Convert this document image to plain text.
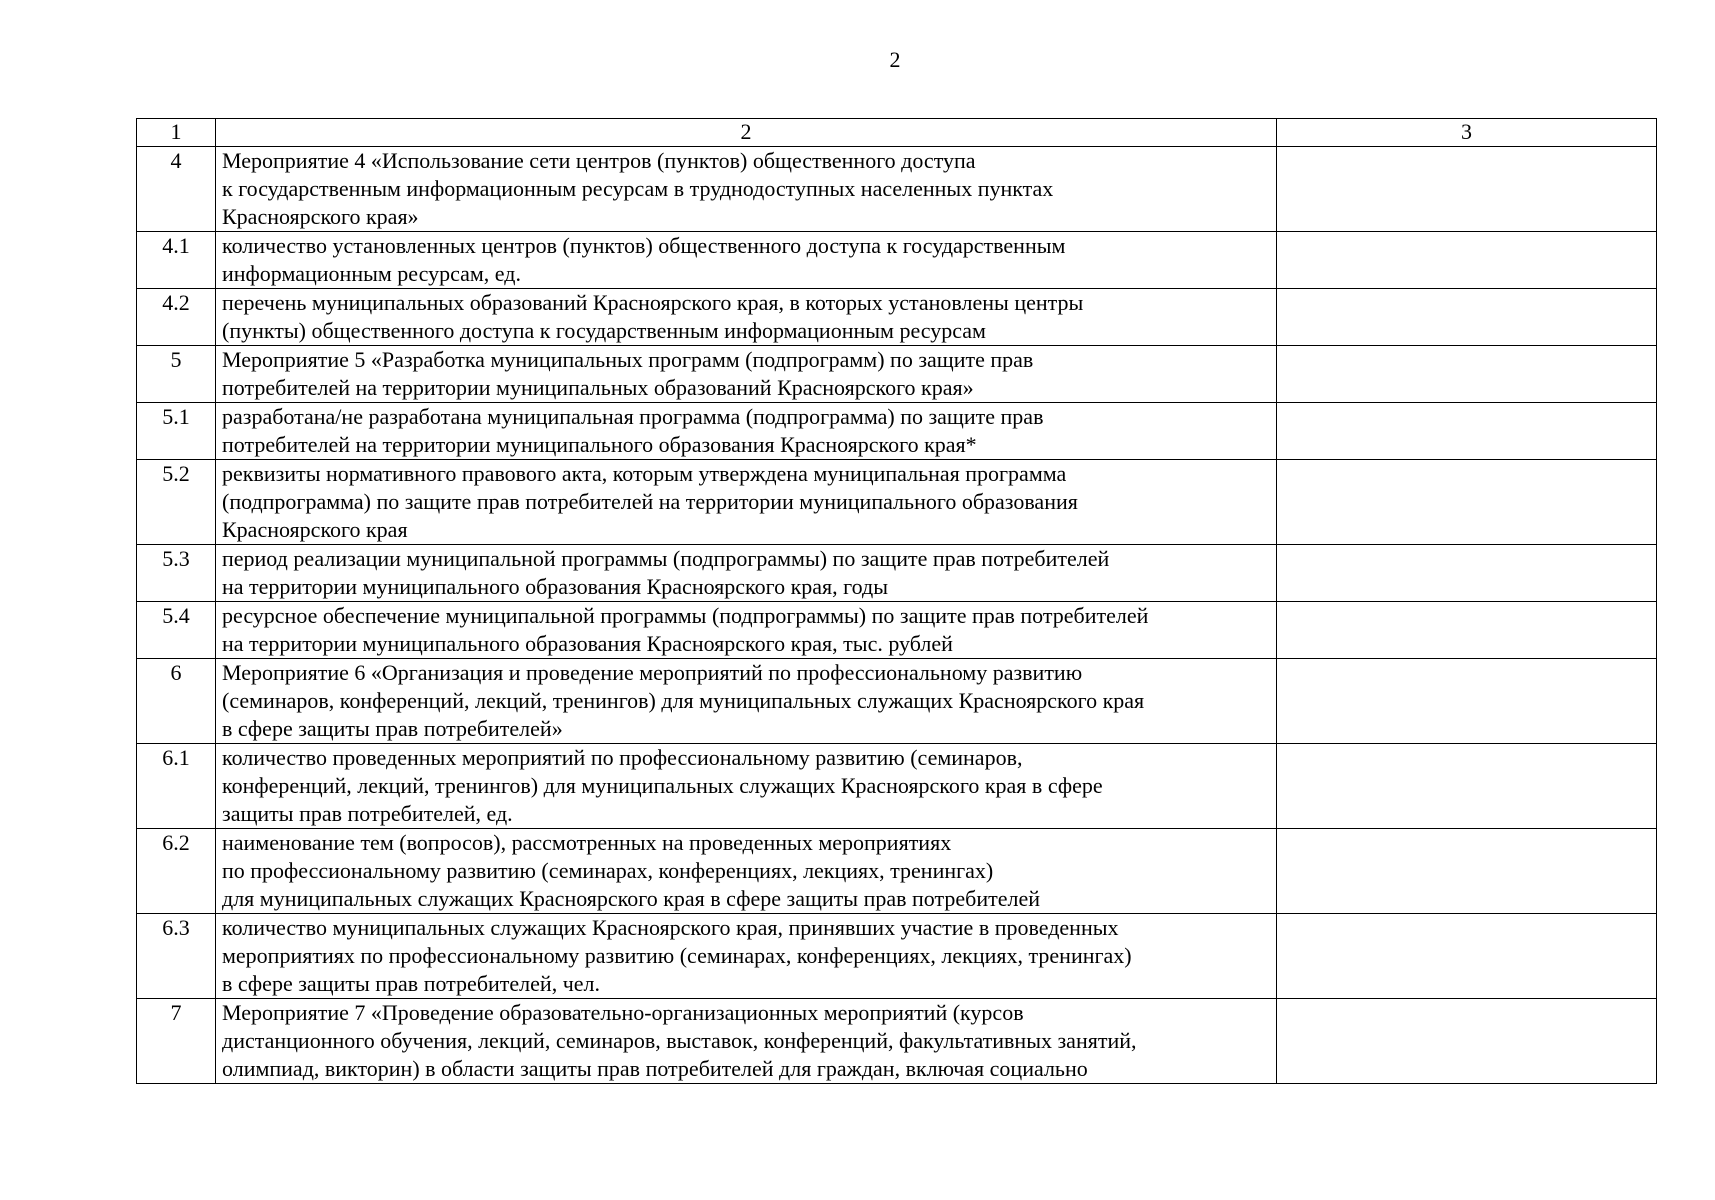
2
1	2	3
4	Мероприятие 4 «Использование сети центров (пунктов) общественного доступа
к государственным информационным ресурсам в труднодоступных населенных пунктах
Красноярского края»	

4.1	количество установленных центров (пунктов) общественного доступа к государственным
информационным ресурсам, ед.	

4.2	перечень муниципальных образований Красноярского края, в которых установлены центры
(пункты) общественного доступа к государственным информационным ресурсам	

5	Мероприятие 5 «Разработка муниципальных программ (подпрограмм) по защите прав
потребителей на территории муниципальных образований Красноярского края»	

5.1	разработана/не разработана муниципальная программа (подпрограмма) по защите прав
потребителей на территории муниципального образования Красноярского края*	

5.2	реквизиты нормативного правового акта, которым утверждена муниципальная программа
(подпрограмма) по защите прав потребителей на территории муниципального образования
Красноярского края	

5.3	период реализации муниципальной программы (подпрограммы) по защите прав потребителей
на территории муниципального образования Красноярского края, годы	

5.4	ресурсное обеспечение муниципальной программы (подпрограммы) по защите прав потребителей
на территории муниципального образования Красноярского края, тыс. рублей	

6	Мероприятие 6 «Организация и проведение мероприятий по профессиональному развитию
(семинаров, конференций, лекций, тренингов) для муниципальных служащих Красноярского края
в сфере защиты прав потребителей»	

6.1	количество проведенных мероприятий по профессиональному развитию (семинаров,
конференций, лекций, тренингов) для муниципальных служащих Красноярского края в сфере
защиты прав потребителей, ед.	

6.2	наименование тем (вопросов), рассмотренных на проведенных мероприятиях
по профессиональному развитию (семинарах, конференциях, лекциях, тренингах)
для муниципальных служащих Красноярского края в сфере защиты прав потребителей	

6.3	количество муниципальных служащих Красноярского края, принявших участие в проведенных
мероприятиях по профессиональному развитию (семинарах, конференциях, лекциях, тренингах)
в сфере защиты прав потребителей, чел.	

7	Мероприятие 7 «Проведение образовательно-организационных мероприятий (курсов
дистанционного обучения, лекций, семинаров, выставок, конференций, факультативных занятий,
олимпиад, викторин) в области защиты прав потребителей для граждан, включая социально	
